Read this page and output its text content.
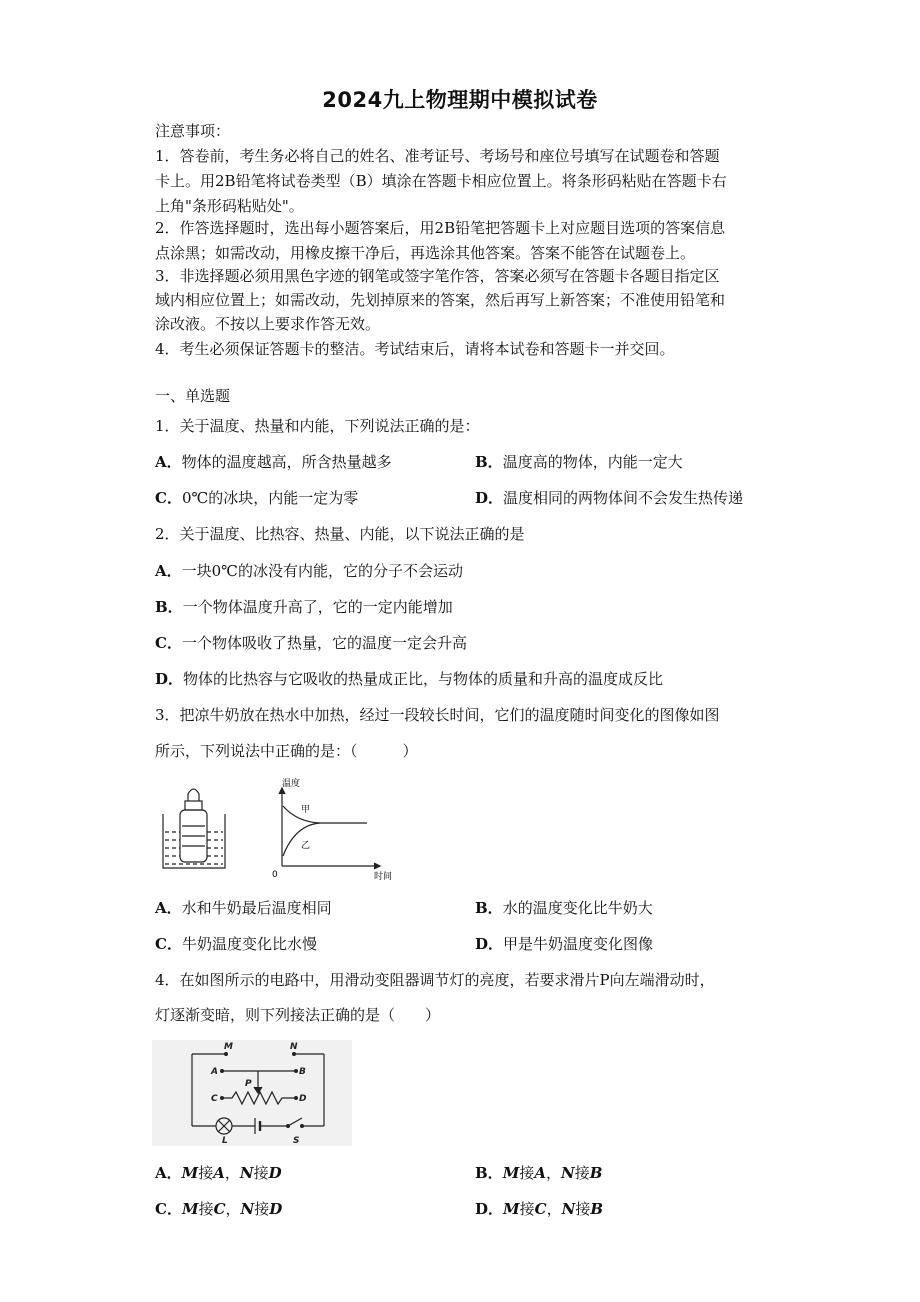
2024九上物理期中模拟试卷
注意事项：
1．答卷前，考生务必将自己的姓名、准考证号、考场号和座位号填写在试题卷和答题
卡上。用2B铅笔将试卷类型（B）填涂在答题卡相应位置上。将条形码粘贴在答题卡右
上角"条形码粘贴处"。
2．作答选择题时，选出每小题答案后，用2B铅笔把答题卡上对应题目选项的答案信息
点涂黑；如需改动，用橡皮擦干净后，再选涂其他答案。答案不能答在试题卷上。
3．非选择题必须用黑色字迹的钢笔或签字笔作答，答案必须写在答题卡各题目指定区
域内相应位置上；如需改动，先划掉原来的答案，然后再写上新答案；不准使用铅笔和
涂改液。不按以上要求作答无效。
4．考生必须保证答题卡的整洁。考试结束后，请将本试卷和答题卡一并交回。
一、单选题
1．关于温度、热量和内能，下列说法正确的是：
A．物体的温度越高，所含热量越多	B．温度高的物体，内能一定大
C．0℃的冰块，内能一定为零	D．温度相同的两物体间不会发生热传递
2．关于温度、比热容、热量、内能，以下说法正确的是
A．一块0℃的冰没有内能，它的分子不会运动
B．一个物体温度升高了，它的一定内能增加
C．一个物体吸收了热量，它的温度一定会升高
D．物体的比热容与它吸收的热量成正比，与物体的质量和升高的温度成反比
3．把凉牛奶放在热水中加热，经过一段较长时间，它们的温度随时间变化的图像如图
所示，下列说法中正确的是：（　　　）
温度
甲
乙
0	时间
A．水和牛奶最后温度相同	B．水的温度变化比牛奶大
C．牛奶温度变化比水慢	D．甲是牛奶温度变化图像
4．在如图所示的电路中，用滑动变阻器调节灯的亮度，若要求滑片P向左端滑动时，
灯逐渐变暗，则下列接法正确的是（　　）
M	N
A	B
P
C	D
L	S
A．M接A，N接D	B．M接A，N接B
C．M接C，N接D	D．M接C，N接B
